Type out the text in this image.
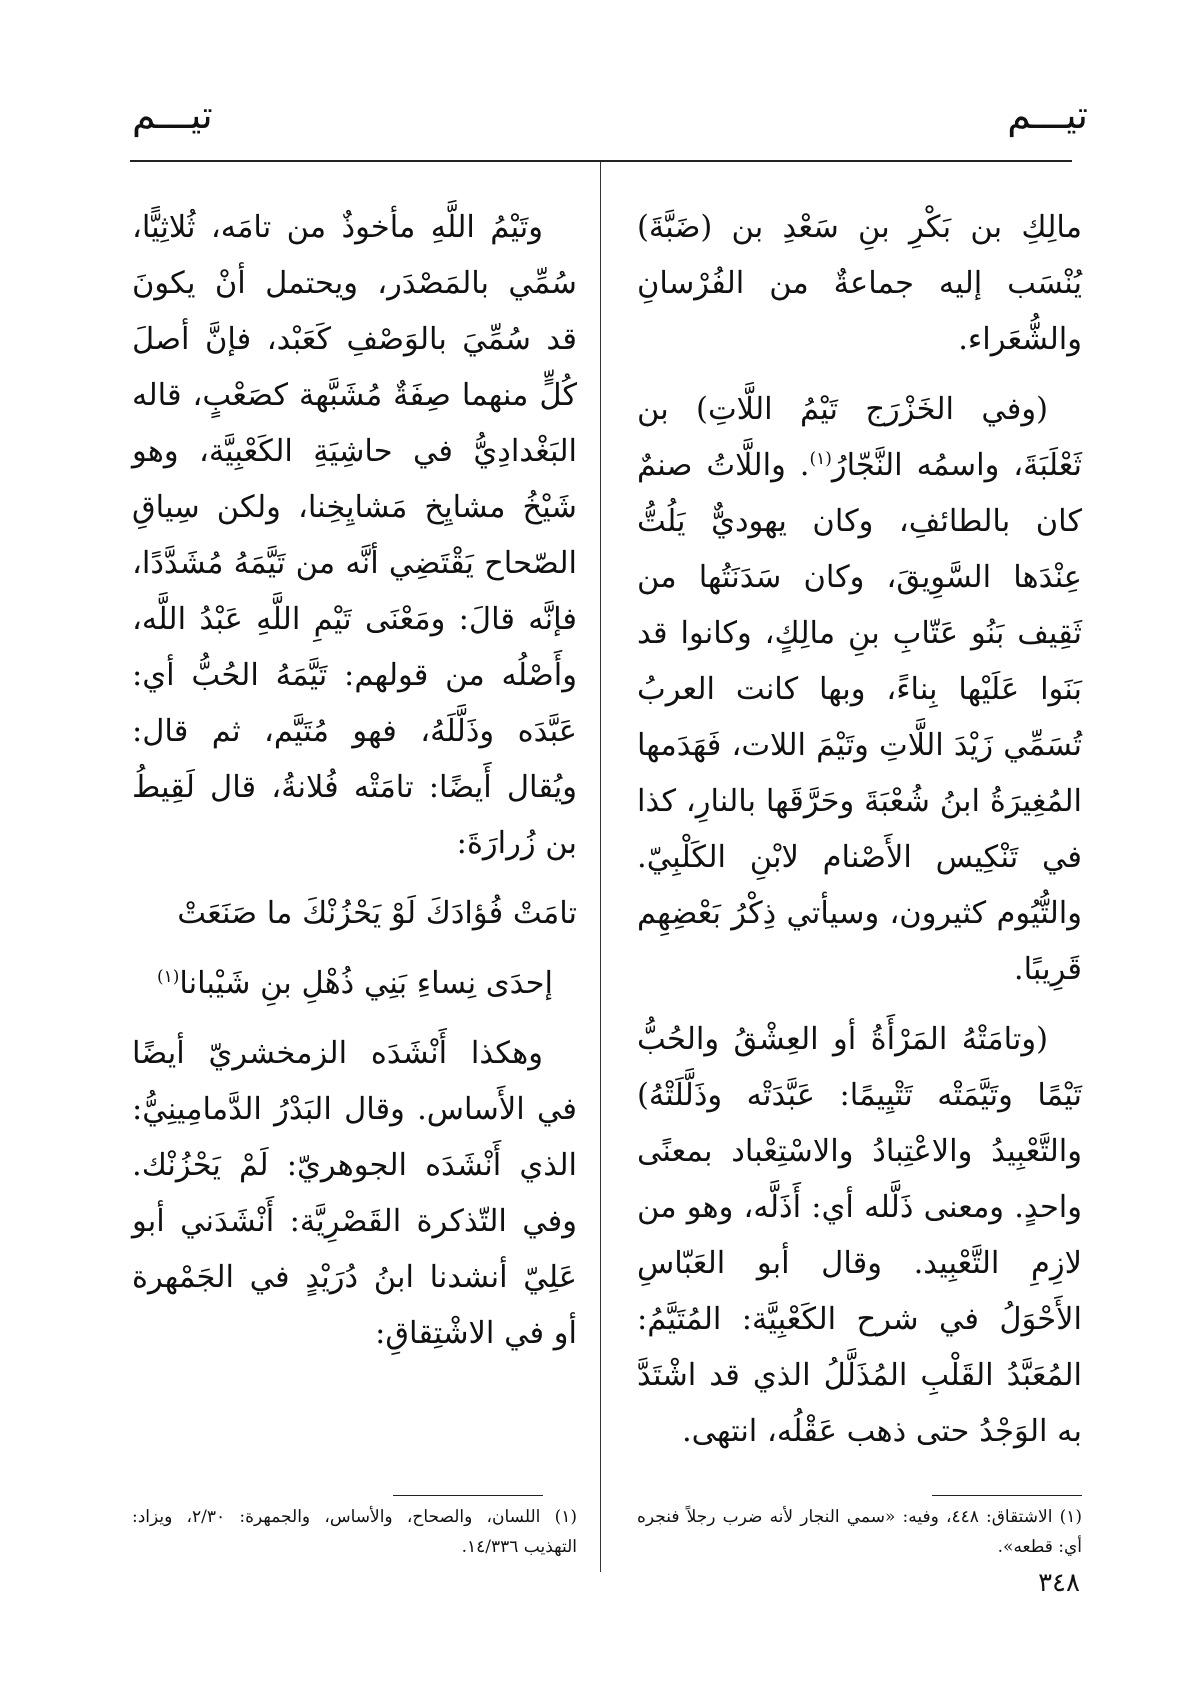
تيـــم
تيـــم

مالِكِ بن بَكْرِ بنِ سَعْدِ بن (ضَبَّةَ) يُنْسَب إليه جماعةٌ من الفُرْسانِ والشُّعَراء.

(وفي الخَزْرَج تَيْمُ اللَّاتِ) بن ثَعْلَبَةَ، واسمُه النَّجّارُ$^{(١)}$. واللَّاتُ صنمٌ كان بالطائفِ، وكان يهوديٌّ يَلُتُّ عِنْدَها السَّوِيقَ، وكان سَدَنَتُها من ثَقِيف بَنُو عَتّابِ بنِ مالِكٍ، وكانوا قد بَنَوا عَلَيْها بِناءً، وبها كانت العربُ تُسَمِّي زَيْدَ اللَّاتِ وتَيْمَ اللات، فَهَدَمها المُغِيرَةُ ابنُ شُعْبَةَ وحَرَّقَها بالنارِ، كذا في تَنْكِيس الأَصْنام لابْنِ الكَلْبِيّ. والتُّيُوم كثيرون، وسيأتي ذِكْرُ بَعْضِهِم قَرِيبًا.

(وتامَتْهُ المَرْأَةُ أو العِشْقُ والحُبُّ تَيْمًا وتَيَّمَتْه تَتْيِيمًا: عَبَّدَتْه وذَلَّلَتْهُ) والتَّعْبِيدُ والاعْتِبادُ والاسْتِعْباد بمعنًى واحدٍ. ومعنى ذَلَّله أي: أَذَلَّه، وهو من لازِمِ التَّعْبِيد. وقال أبو العَبّاسِ الأَحْوَلُ في شرح الكَعْبِيَّة: المُتَيَّمُ: المُعَبَّدُ القَلْبِ المُذَلَّلُ الذي قد اشْتَدَّ به الوَجْدُ حتى ذهب عَقْلُه، انتهى.

وتَيْمُ اللَّهِ مأخوذٌ من تامَه، ثُلاثِيًّا، سُمِّي بالمَصْدَر، ويحتمل أنْ يكونَ قد سُمِّيَ بالوَصْفِ كَعَبْد، فإنَّ أصلَ كُلٍّ منهما صِفَةٌ مُشَبَّهة كصَعْبٍ، قاله البَغْدادِيُّ في حاشِيَةِ الكَعْبِيَّة، وهو شَيْخُ مشايِخ مَشايِخِنا، ولكن سِياقِ الصّحاح يَقْتَضِي أنَّه من تَيَّمَهُ مُشَدَّدًا، فإنَّه قالَ: ومَعْنَى تَيْمِ اللَّهِ عَبْدُ اللَّه، وأَصْلُه من قولهم: تَيَّمَهُ الحُبُّ أي: عَبَّدَه وذَلَّلَهُ، فهو مُتَيَّم، ثم قال: ويُقال أَيضًا: تامَتْه فُلانةُ، قال لَقِيطُ بن زُرارَةَ:

تامَتْ فُؤادَكَ لَوْ يَحْزُنْكَ ما صَنَعَتْ

إحدَى نِساءِ بَنِي ذُهْلِ بنِ شَيْبانا$^{(١)}$

وهكذا أَنْشَدَه الزمخشريّ أيضًا في الأَساس. وقال البَدْرُ الدَّمامِينِيُّ: الذي أَنْشَدَه الجوهريّ: لَمْ يَحْزُنْك. وفي التّذكرة القَصْرِيَّة: أَنْشَدَني أبو عَلِيّ أنشدنا ابنُ دُرَيْدٍ في الجَمْهرة أو في الاشْتِقاقِ:

(١) الاشتقاق: ٤٤٨، وفيه: «سمي النجار لأنه ضرب رجلاً فنجره أي: قطعه».
(١) اللسان، والصحاح، والأساس، والجمهرة: ٢/٣٠، ويزاد: التهذيب ١٤/٣٣٦.
٣٤٨
